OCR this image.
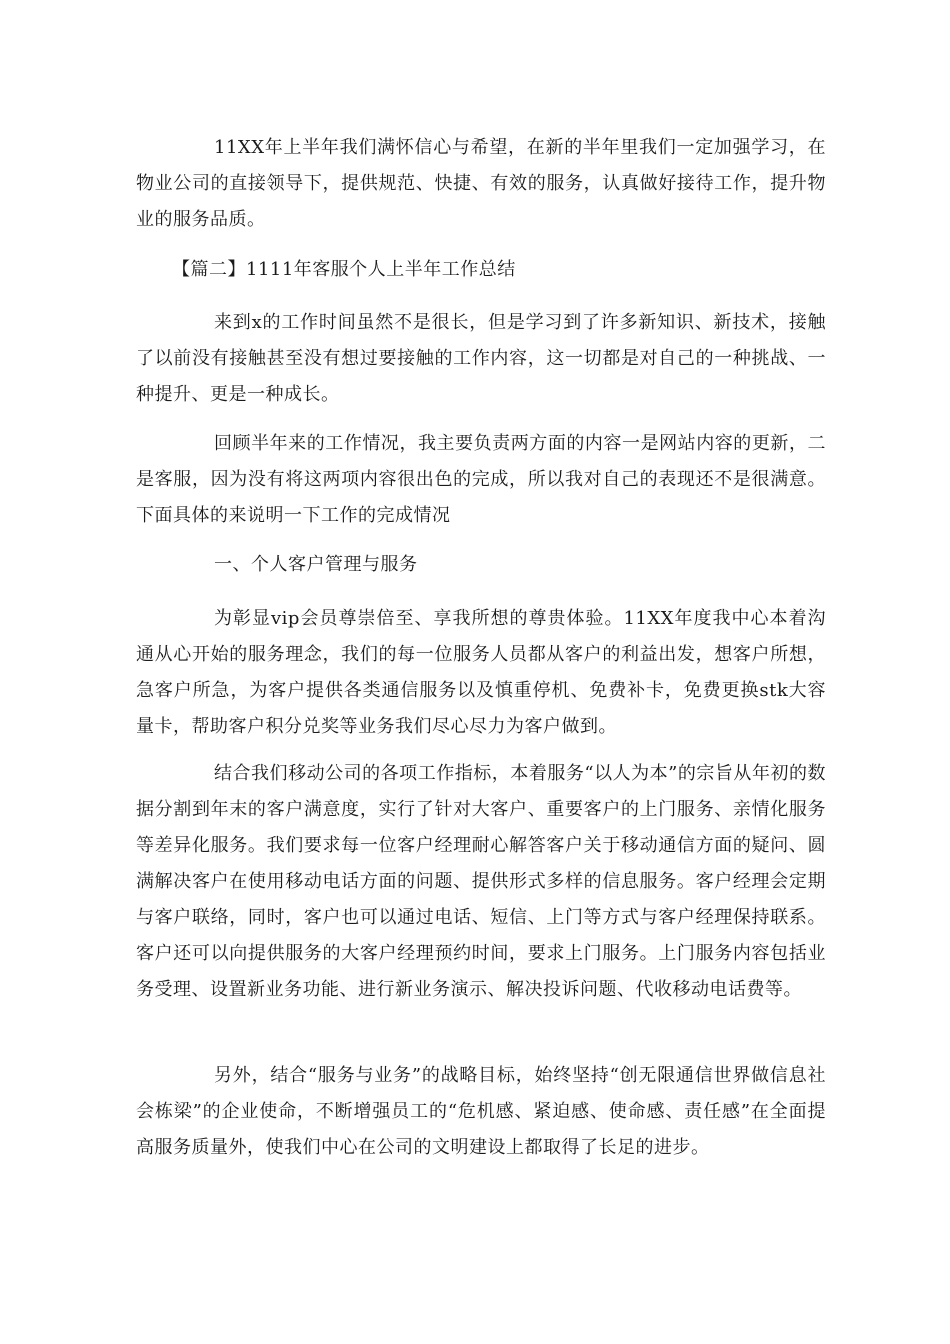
11XX年上半年我们满怀信心与希望，在新的半年里我们一定加强学习，在物业公司的直接领导下，提供规范、快捷、有效的服务，认真做好接待工作，提升物业的服务品质。

【篇二】1111年客服个人上半年工作总结

来到x的工作时间虽然不是很长，但是学习到了许多新知识、新技术，接触了以前没有接触甚至没有想过要接触的工作内容，这一切都是对自己的一种挑战、一种提升、更是一种成长。

回顾半年来的工作情况，我主要负责两方面的内容一是网站内容的更新，二是客服，因为没有将这两项内容很出色的完成，所以我对自己的表现还不是很满意。下面具体的来说明一下工作的完成情况

一、个人客户管理与服务

为彰显vip会员尊崇倍至、享我所想的尊贵体验。11XX年度我中心本着沟通从心开始的服务理念，我们的每一位服务人员都从客户的利益出发，想客户所想，急客户所急，为客户提供各类通信服务以及慎重停机、免费补卡，免费更换stk大容量卡，帮助客户积分兑奖等业务我们尽心尽力为客户做到。

结合我们移动公司的各项工作指标，本着服务“以人为本”的宗旨从年初的数据分割到年末的客户满意度，实行了针对大客户、重要客户的上门服务、亲情化服务等差异化服务。我们要求每一位客户经理耐心解答客户关于移动通信方面的疑问、圆满解决客户在使用移动电话方面的问题、提供形式多样的信息服务。客户经理会定期与客户联络，同时，客户也可以通过电话、短信、上门等方式与客户经理保持联系。客户还可以向提供服务的大客户经理预约时间，要求上门服务。上门服务内容包括业务受理、设置新业务功能、进行新业务演示、解决投诉问题、代收移动电话费等。

另外，结合“服务与业务”的战略目标，始终坚持“创无限通信世界做信息社会栋梁”的企业使命，不断增强员工的“危机感、紧迫感、使命感、责任感”在全面提高服务质量外，使我们中心在公司的文明建设上都取得了长足的进步。
